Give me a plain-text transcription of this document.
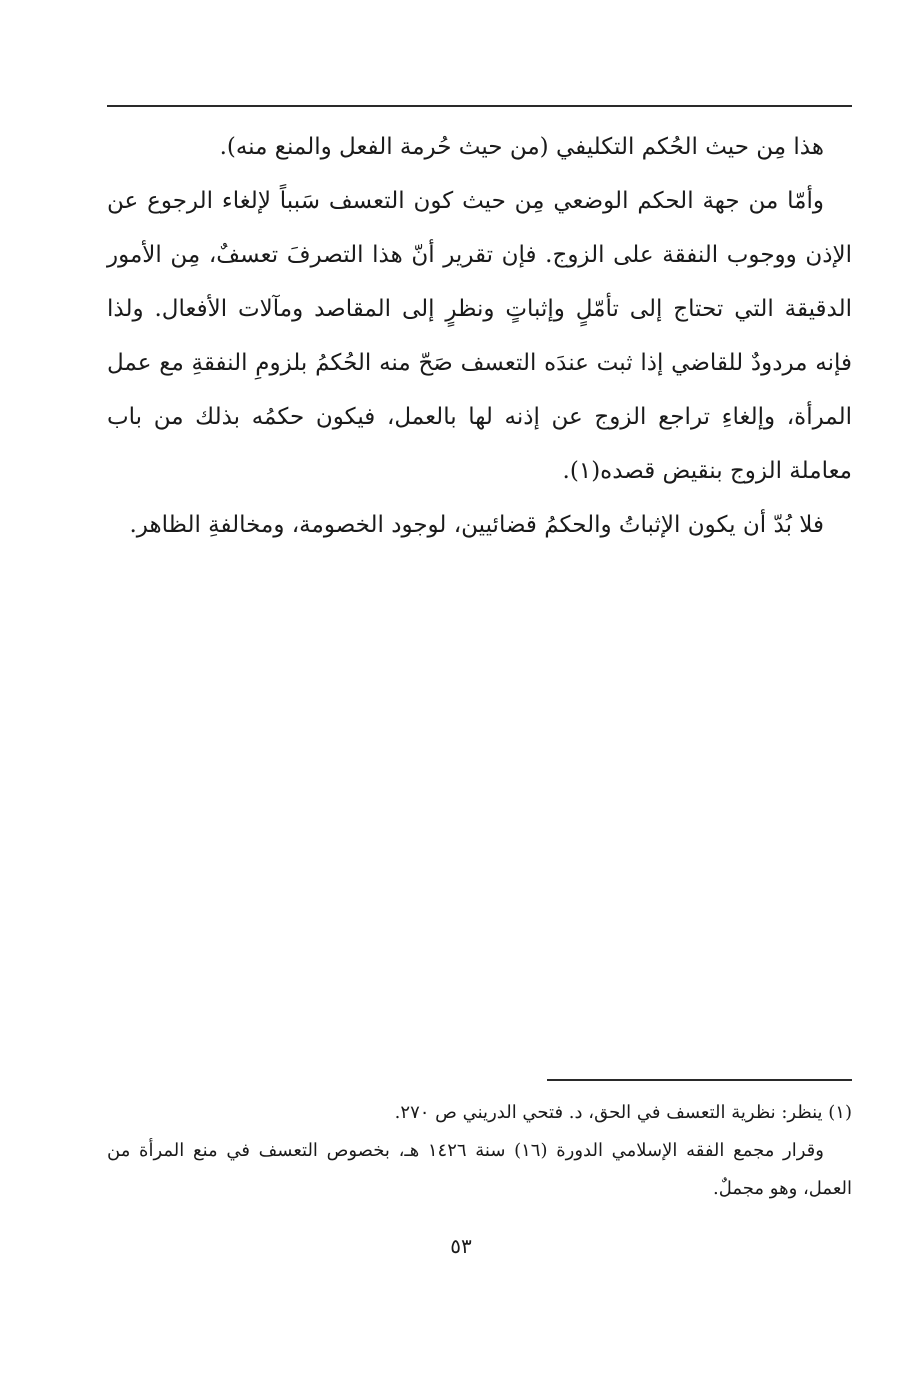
هذا مِن حيث الحُكم التكليفي (من حيث حُرمة الفعل والمنع منه).

وأمّا من جهة الحكم الوضعي مِن حيث كون التعسف سَبباً لإلغاء الرجوع عن الإذن ووجوب النفقة على الزوج. فإن تقرير أنّ هذا التصرفَ تعسفٌ، مِن الأمور الدقيقة التي تحتاج إلى تأمّلٍ وإثباتٍ ونظرٍ إلى المقاصد ومآلات الأفعال. ولذا فإنه مردودٌ للقاضي إذا ثبت عندَه التعسف صَحّ منه الحُكمُ بلزومِ النفقةِ مع عمل المرأة، وإلغاءِ تراجع الزوج عن إذنه لها بالعمل، فيكون حكمُه بذلك من باب معاملة الزوج بنقيض قصده(١).

فلا بُدّ أن يكون الإثباتُ والحكمُ قضائيين، لوجود الخصومة، ومخالفةِ الظاهر.

(١) ينظر: نظرية التعسف في الحق، د. فتحي الدريني ص ٢٧٠.

وقرار مجمع الفقه الإسلامي الدورة (١٦) سنة ١٤٢٦ هـ، بخصوص التعسف في منع المرأة من العمل، وهو مجملٌ.

٥٣
